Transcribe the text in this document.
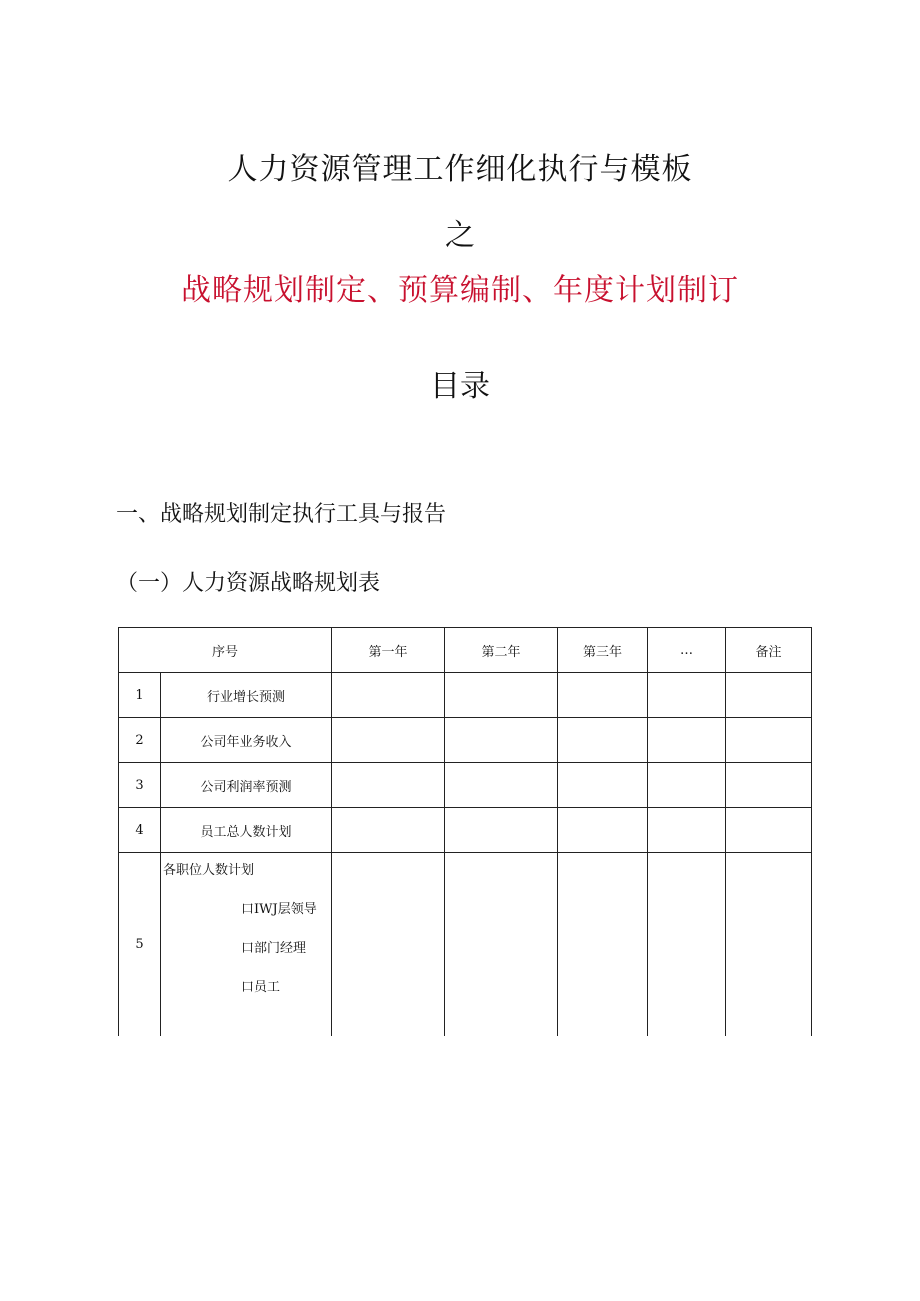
人力资源管理工作细化执行与模板
之
战略规划制定、预算编制、年度计划制订
目录
一、战略规划制定执行工具与报告
（一）人力资源战略规划表
序号		第一年	第二年	第三年	…	备注
1	行业增长预测					
2	公司年业务收入					
3	公司利润率预测					
4	员工总人数计划					
5	各职位人数计划
口IWJ层领导
口部门经理
口员工					
